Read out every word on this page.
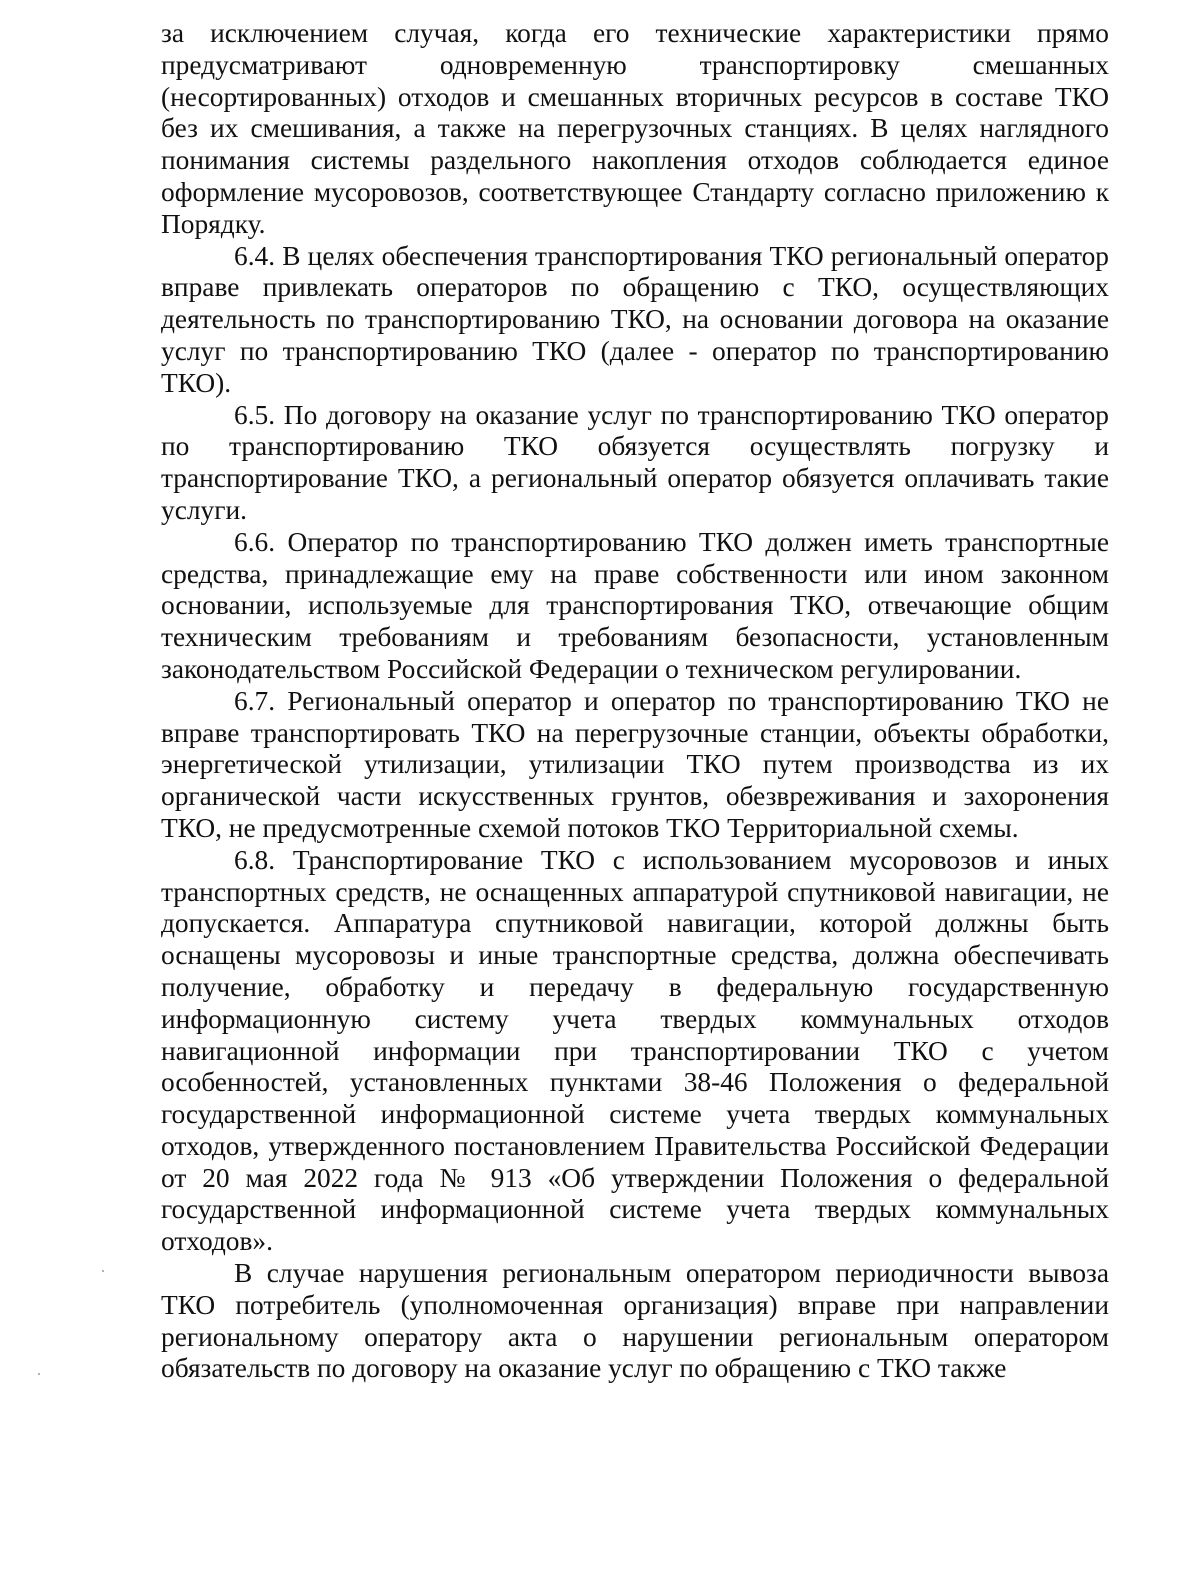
за исключением случая, когда его технические характеристики прямо предусматривают одновременную транспортировку смешанных (несортированных) отходов и смешанных вторичных ресурсов в составе ТКО без их смешивания, а также на перегрузочных станциях. В целях наглядного понимания системы раздельного накопления отходов соблюдается единое оформление мусоровозов, соответствующее Стандарту согласно приложению к Порядку.

6.4. В целях обеспечения транспортирования ТКО региональный оператор вправе привлекать операторов по обращению с ТКО, осуществляющих деятельность по транспортированию ТКО, на основании договора на оказание услуг по транспортированию ТКО (далее - оператор по транспортированию ТКО).

6.5. По договору на оказание услуг по транспортированию ТКО оператор по транспортированию ТКО обязуется осуществлять погрузку и транспортирование ТКО, а региональный оператор обязуется оплачивать такие услуги.

6.6. Оператор по транспортированию ТКО должен иметь транспортные средства, принадлежащие ему на праве собственности или ином законном основании, используемые для транспортирования ТКО, отвечающие общим техническим требованиям и требованиям безопасности, установленным законодательством Российской Федерации о техническом регулировании.

6.7. Региональный оператор и оператор по транспортированию ТКО не вправе транспортировать ТКО на перегрузочные станции, объекты обработки, энергетической утилизации, утилизации ТКО путем производства из их органической части искусственных грунтов, обезвреживания и захоронения ТКО, не предусмотренные схемой потоков ТКО Территориальной схемы.

6.8. Транспортирование ТКО с использованием мусоровозов и иных транспортных средств, не оснащенных аппаратурой спутниковой навигации, не допускается. Аппаратура спутниковой навигации, которой должны быть оснащены мусоровозы и иные транспортные средства, должна обеспечивать получение, обработку и передачу в федеральную государственную информационную систему учета твердых коммунальных отходов навигационной информации при транспортировании ТКО с учетом особенностей, установленных пунктами 38-46 Положения о федеральной государственной информационной системе учета твердых коммунальных отходов, утвержденного постановлением Правительства Российской Федерации от 20 мая 2022 года № 913 «Об утверждении Положения о федеральной государственной информационной системе учета твердых коммунальных отходов».

В случае нарушения региональным оператором периодичности вывоза ТКО потребитель (уполномоченная организация) вправе при направлении региональному оператору акта о нарушении региональным оператором обязательств по договору на оказание услуг по обращению с ТКО также
